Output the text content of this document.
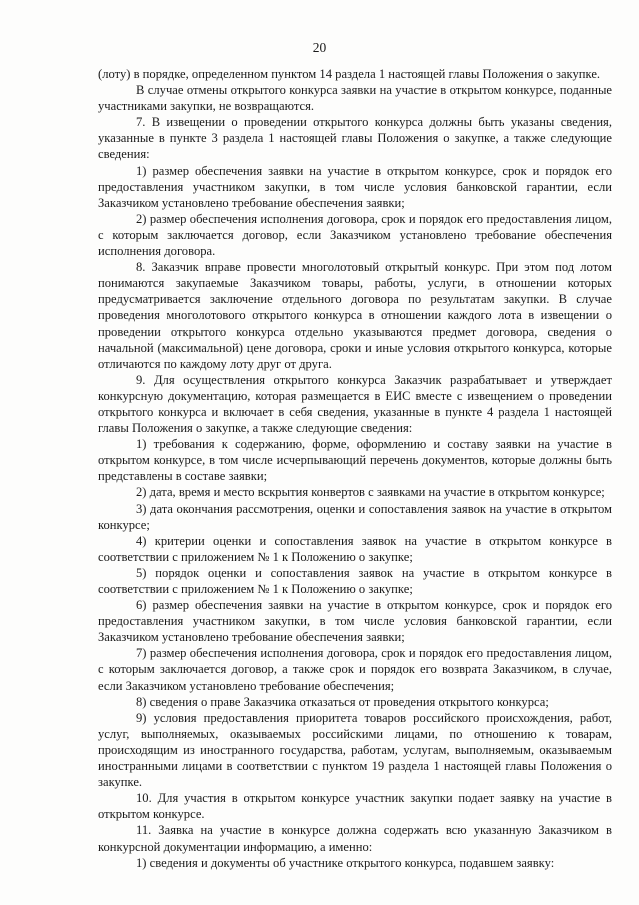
20

(лоту) в порядке, определенном пунктом 14 раздела 1 настоящей главы Положения о закупке.

В случае отмены открытого конкурса заявки на участие в открытом конкурсе, поданные участниками закупки, не возвращаются.

7. В извещении о проведении открытого конкурса должны быть указаны сведения, указанные в пункте 3 раздела 1 настоящей главы Положения о закупке, а также следующие сведения:

1) размер обеспечения заявки на участие в открытом конкурсе, срок и порядок его предоставления участником закупки, в том числе условия банковской гарантии, если Заказчиком установлено требование обеспечения заявки;

2) размер обеспечения исполнения договора, срок и порядок его предоставления лицом, с которым заключается договор, если Заказчиком установлено требование обеспечения исполнения договора.

8. Заказчик вправе провести многолотовый открытый конкурс. При этом под лотом понимаются закупаемые Заказчиком товары, работы, услуги, в отношении которых предусматривается заключение отдельного договора по результатам закупки. В случае проведения многолотового открытого конкурса в отношении каждого лота в извещении о проведении открытого конкурса отдельно указываются предмет договора, сведения о начальной (максимальной) цене договора, сроки и иные условия открытого конкурса, которые отличаются по каждому лоту друг от друга.

9. Для осуществления открытого конкурса Заказчик разрабатывает и утверждает конкурсную документацию, которая размещается в ЕИС вместе с извещением о проведении открытого конкурса и включает в себя сведения, указанные в пункте 4 раздела 1 настоящей главы Положения о закупке, а также следующие сведения:

1) требования к содержанию, форме, оформлению и составу заявки на участие в открытом конкурсе, в том числе исчерпывающий перечень документов, которые должны быть представлены в составе заявки;

2) дата, время и место вскрытия конвертов с заявками на участие в открытом конкурсе;

3) дата окончания рассмотрения, оценки и сопоставления заявок на участие в открытом конкурсе;

4) критерии оценки и сопоставления заявок на участие в открытом конкурсе в соответствии с приложением № 1 к Положению о закупке;

5) порядок оценки и сопоставления заявок на участие в открытом конкурсе в соответствии с приложением № 1 к Положению о закупке;

6) размер обеспечения заявки на участие в открытом конкурсе, срок и порядок его предоставления участником закупки, в том числе условия банковской гарантии, если Заказчиком установлено требование обеспечения заявки;

7) размер обеспечения исполнения договора, срок и порядок его предоставления лицом, с которым заключается договор, а также срок и порядок его возврата Заказчиком, в случае, если Заказчиком установлено требование обеспечения;

8) сведения о праве Заказчика отказаться от проведения открытого конкурса;

9) условия предоставления приоритета товаров российского происхождения, работ, услуг, выполняемых, оказываемых российскими лицами, по отношению к товарам, происходящим из иностранного государства, работам, услугам, выполняемым, оказываемым иностранными лицами в соответствии с пунктом 19 раздела 1 настоящей главы Положения о закупке.

10. Для участия в открытом конкурсе участник закупки подает заявку на участие в открытом конкурсе.

11. Заявка на участие в конкурсе должна содержать всю указанную Заказчиком в конкурсной документации информацию, а именно:

1) сведения и документы об участнике открытого конкурса, подавшем заявку:
